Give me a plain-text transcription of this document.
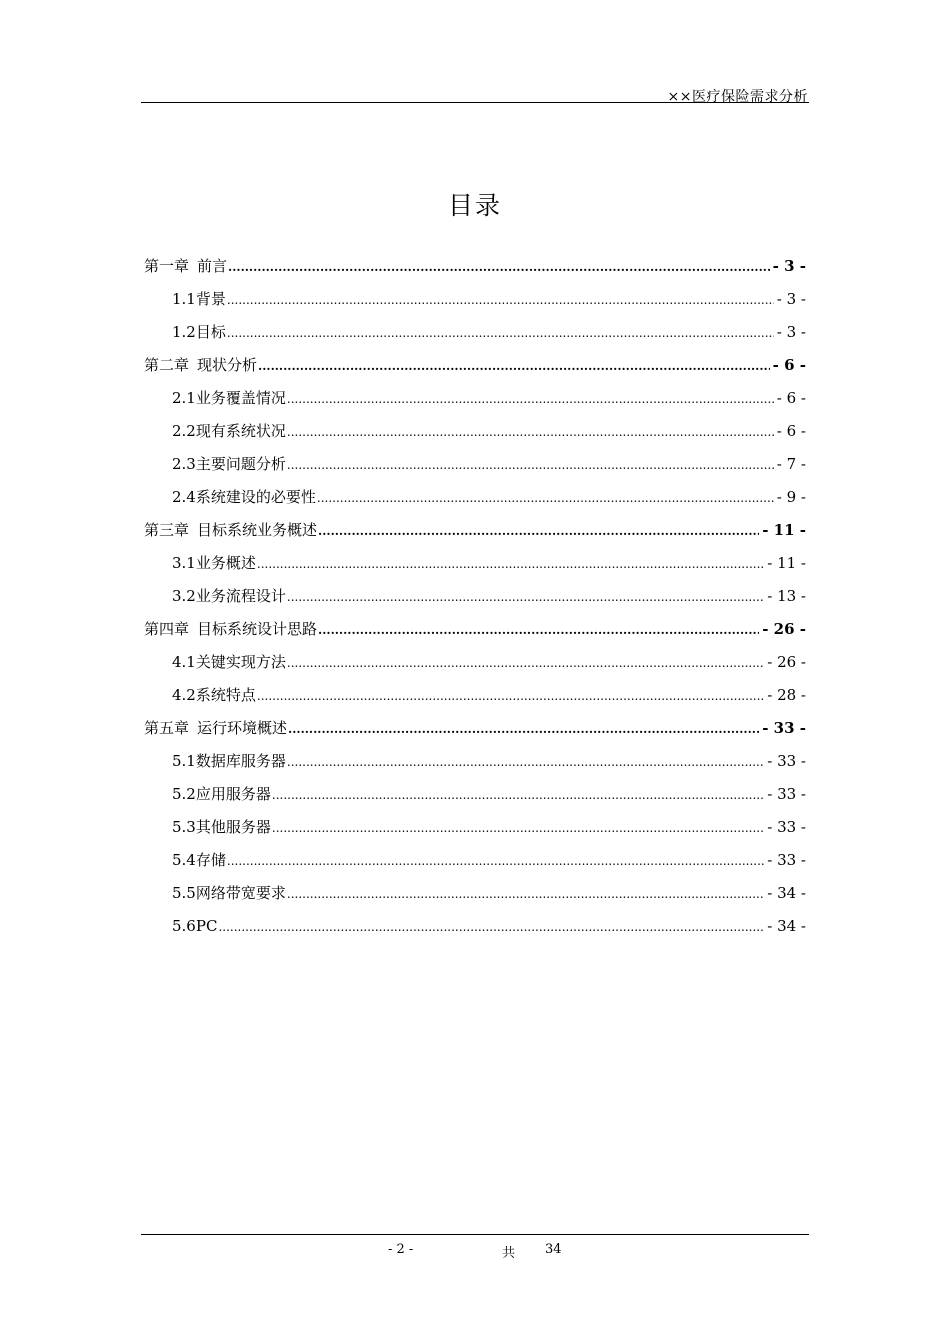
××医疗保险需求分析
目录
第一章 前言 .....	- 3 -
1.1 背景 .....	- 3 -
1.2 目标 .....	- 3 -
第二章 现状分析 .....	- 6 -
2.1 业务覆盖情况 .....	- 6 -
2.2 现有系统状况 .....	- 6 -
2.3 主要问题分析 .....	- 7 -
2.4 系统建设的必要性 .....	- 9 -
第三章 目标系统业务概述 .....	- 11 -
3.1 业务概述 .....	- 11 -
3.2 业务流程设计 .....	- 13 -
第四章 目标系统设计思路 .....	- 26 -
4.1 关键实现方法 .....	- 26 -
4.2 系统特点 .....	- 28 -
第五章 运行环境概述 .....	- 33 -
5.1 数据库服务器 .....	- 33 -
5.2 应用服务器 .....	- 33 -
5.3 其他服务器 .....	- 33 -
5.4 存储 .....	- 33 -
5.5 网络带宽要求 .....	- 34 -
5.6 PC .....	- 34 -
- 2 -	共 34
